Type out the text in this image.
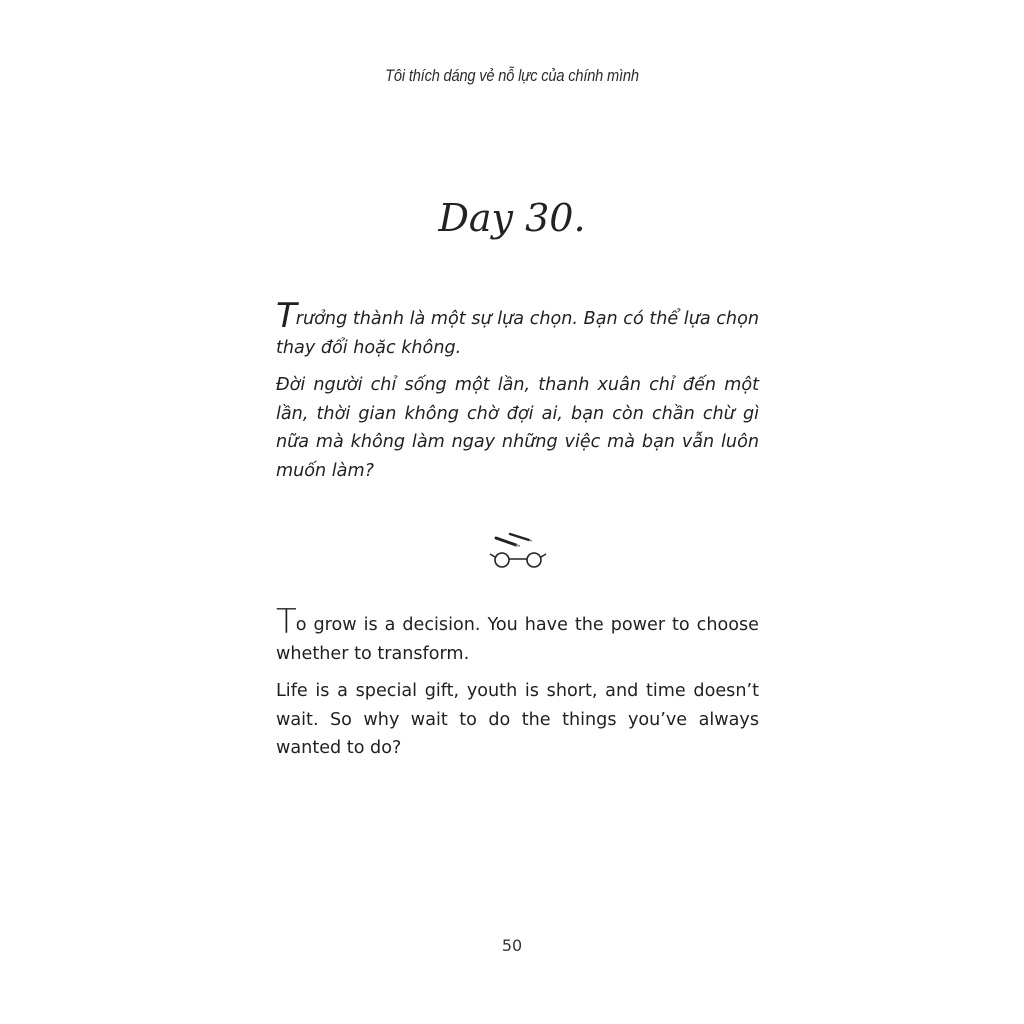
Tôi thích dáng vẻ nỗ lực của chính mình
Day 30.

Trưởng thành là một sự lựa chọn. Bạn có thể lựa chọn thay đổi hoặc không.

Đời người chỉ sống một lần, thanh xuân chỉ đến một lần, thời gian không chờ đợi ai, bạn còn chần chừ gì nữa mà không làm ngay những việc mà bạn vẫn luôn muốn làm?

To grow is a decision. You have the power to choose whether to transform.

Life is a special gift, youth is short, and time doesn’t wait. So why wait to do the things you’ve always wanted to do?

50
